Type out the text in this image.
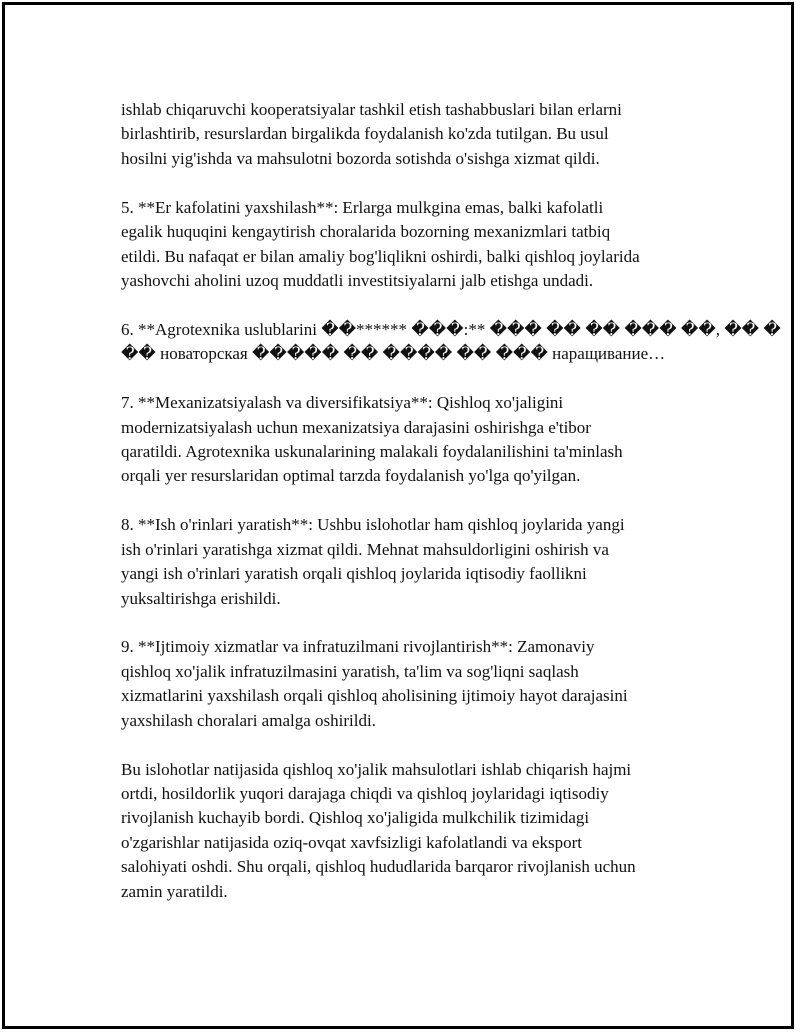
ishlab chiqaruvchi kooperatsiyalar tashkil etish tashabbuslari bilan erlarni
birlashtirib, resurslardan birgalikda foydalanish ko'zda tutilgan. Bu usul
hosilni yig'ishda va mahsulotni bozorda sotishda o'sishga xizmat qildi.

5. **Er kafolatini yaxshilash**: Erlarga mulkgina emas, balki kafolatli
egalik huquqini kengaytirish choralarida bozorning mexanizmlari tatbiq
etildi. Bu nafaqat er bilan amaliy bog'liqlikni oshirdi, balki qishloq joylarida
yashovchi aholini uzoq muddatli investitsiyalarni jalb etishga undadi.

6. **Agrotexnika uslublarini ��****** ���:** ��� �� �� ��� ��, �� �
�� новаторская ����� �� ���� �� ��� наращивание…

7. **Mexanizatsiyalash va diversifikatsiya**: Qishloq xo'jaligini
modernizatsiyalash uchun mexanizatsiya darajasini oshirishga e'tibor
qaratildi. Agrotexnika uskunalarining malakali foydalanilishini ta'minlash
orqali yer resurslaridan optimal tarzda foydalanish yo'lga qo'yilgan.

8. **Ish o'rinlari yaratish**: Ushbu islohotlar ham qishloq joylarida yangi
ish o'rinlari yaratishga xizmat qildi. Mehnat mahsuldorligini oshirish va
yangi ish o'rinlari yaratish orqali qishloq joylarida iqtisodiy faollikni
yuksaltirishga erishildi.

9. **Ijtimoiy xizmatlar va infratuzilmani rivojlantirish**: Zamonaviy
qishloq xo'jalik infratuzilmasini yaratish, ta'lim va sog'liqni saqlash
xizmatlarini yaxshilash orqali qishloq aholisining ijtimoiy hayot darajasini
yaxshilash choralari amalga oshirildi.

Bu islohotlar natijasida qishloq xo'jalik mahsulotlari ishlab chiqarish hajmi
ortdi, hosildorlik yuqori darajaga chiqdi va qishloq joylaridagi iqtisodiy
rivojlanish kuchayib bordi. Qishloq xo'jaligida mulkchilik tizimidagi
o'zgarishlar natijasida oziq-ovqat xavfsizligi kafolatlandi va eksport
salohiyati oshdi. Shu orqali, qishloq hududlarida barqaror rivojlanish uchun
zamin yaratildi.
